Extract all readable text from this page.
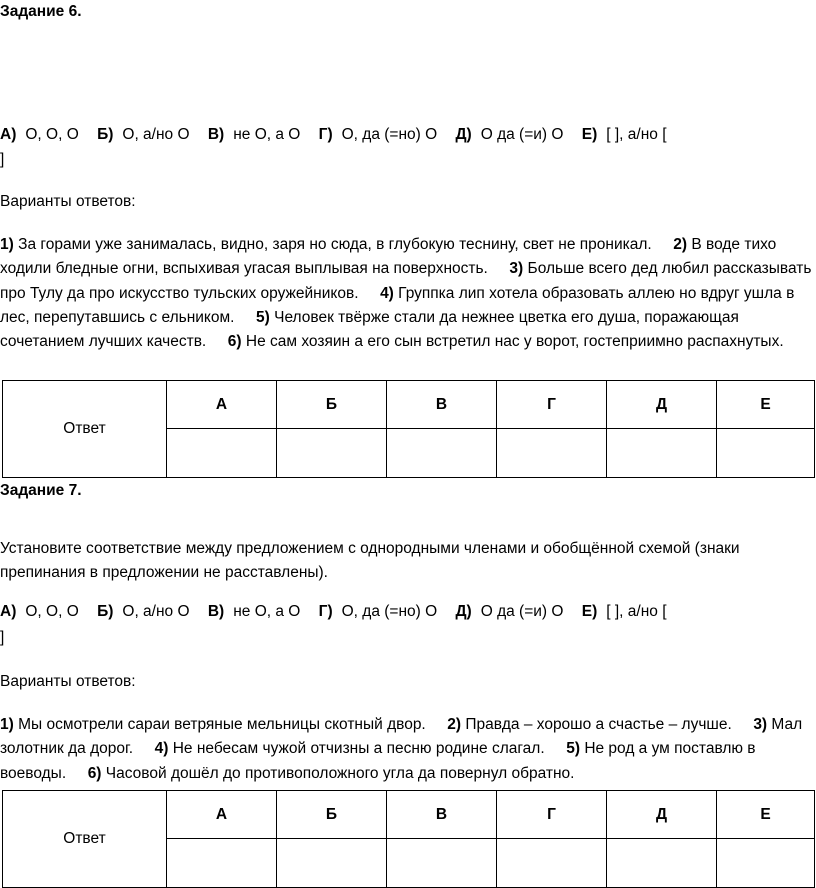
Задание 6.
А) О, О, О Б) О, а/но О В) не О, а О Г) О, да (=но) О Д) О да (=и) О Е) [ ], а/но [
]
Варианты ответов:
1) За горами уже занималась, видно, заря но сюда, в глубокую теснину, свет не проникал. 2) В воде тихо ходили бледные огни, вспыхивая угасая выплывая на поверхность. 3) Больше всего дед любил рассказывать про Тулу да про искусство тульских оружейников. 4) Группка лип хотела образовать аллею но вдруг ушла в лес, перепутавшись с ельником. 5) Человек твёрже стали да нежнее цветка его душа, поражающая сочетанием лучших качеств. 6) Не сам хозяин а его сын встретил нас у ворот, гостеприимно распахнутых.
Ответ	А	Б	В	Г	Д	Е

Задание 7.
Установите соответствие между предложением с однородными членами и обобщённой схемой (знаки препинания в предложении не расставлены).
А) О, О, О Б) О, а/но О В) не О, а О Г) О, да (=но) О Д) О да (=и) О Е) [ ], а/но [
]
Варианты ответов:
1) Мы осмотрели сараи ветряные мельницы скотный двор. 2) Правда – хорошо а счастье – лучше. 3) Мал золотник да дорог. 4) Не небесам чужой отчизны а песню родине слагал. 5) Не род а ум поставлю в воеводы. 6) Часовой дошёл до противоположного угла да повернул обратно.
Ответ	А	Б	В	Г	Д	Е
